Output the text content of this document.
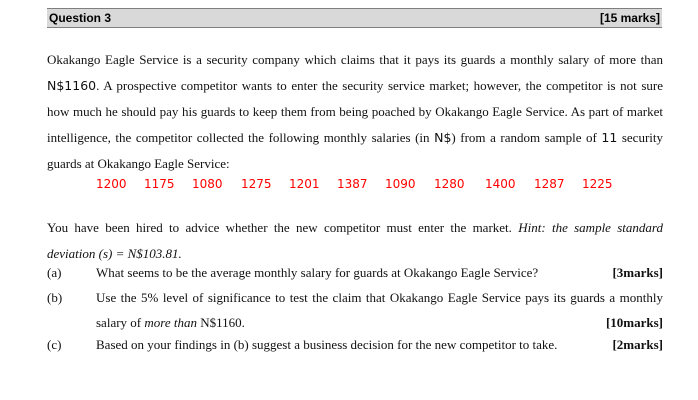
Question 3	[15 marks]
Okakango Eagle Service is a security company which claims that it pays its guards a monthly salary of more than
N$1160. A prospective competitor wants to enter the security service market; however, the competitor is not sure
how much he should pay his guards to keep them from being poached by Okakango Eagle Service. As part of market
intelligence, the competitor collected the following monthly salaries (in N$) from a random sample of 11 security
guards at Okakango Eagle Service:
1200 1175 1080 1275 1201 1387 1090 1280 1400 1287 1225
You have been hired to advice whether the new competitor must enter the market. Hint: the sample standard
deviation (s) = N$103.81.
(a)	What seems to be the average monthly salary for guards at Okakango Eagle Service?	[3marks]
(b)	Use the 5% level of significance to test the claim that Okakango Eagle Service pays its guards a monthly
salary of more than N$1160.	[10marks]
(c)	Based on your findings in (b) suggest a business decision for the new competitor to take.	[2marks]
